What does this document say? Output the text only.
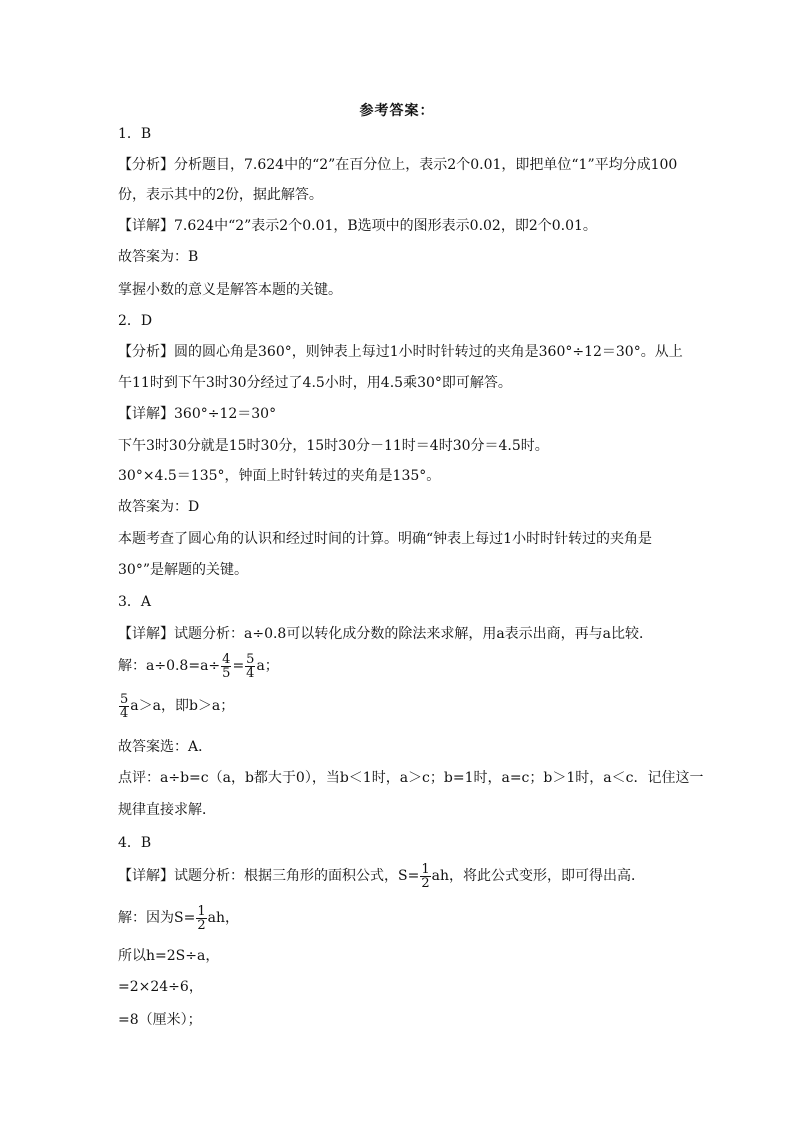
参考答案：
1．B
【分析】分析题目，7.624中的“2”在百分位上，表示2个0.01，即把单位“1”平均分成100
份，表示其中的2份，据此解答。
【详解】7.624中“2”表示2个0.01，B选项中的图形表示0.02，即2个0.01。
故答案为：B
掌握小数的意义是解答本题的关键。
2．D
【分析】圆的圆心角是360°，则钟表上每过1小时时针转过的夹角是360°÷12＝30°。从上
午11时到下午3时30分经过了4.5小时，用4.5乘30°即可解答。
【详解】360°÷12＝30°
下午3时30分就是15时30分，15时30分－11时＝4时30分＝4.5时。
30°×4.5＝135°，钟面上时针转过的夹角是135°。
故答案为：D
本题考查了圆心角的认识和经过时间的计算。明确“钟表上每过1小时时针转过的夹角是
30°”是解题的关键。
3．A
【详解】试题分析：a÷0.8可以转化成分数的除法来求解，用a表示出商，再与a比较．
解：$a\div 0.8=a\div \frac{4}{5} = \frac{5}{4}$ a；
$\frac{5}{4} a>a$，即b＞a；
故答案选：A．
点评：a÷b=c（a，b都大于0），当b＜1时，a＞c；b=1时，a=c；b＞1时，a＜c．记住这一
规律直接求解．
4．B
【详解】试题分析：根据三角形的面积公式，$S= \frac{1}{2}$ ah，将此公式变形，即可得出高．
解：因为$S= \frac{1}{2}$ ah，
所以h=2S÷a，
=2×24÷6，
=8（厘米）；
